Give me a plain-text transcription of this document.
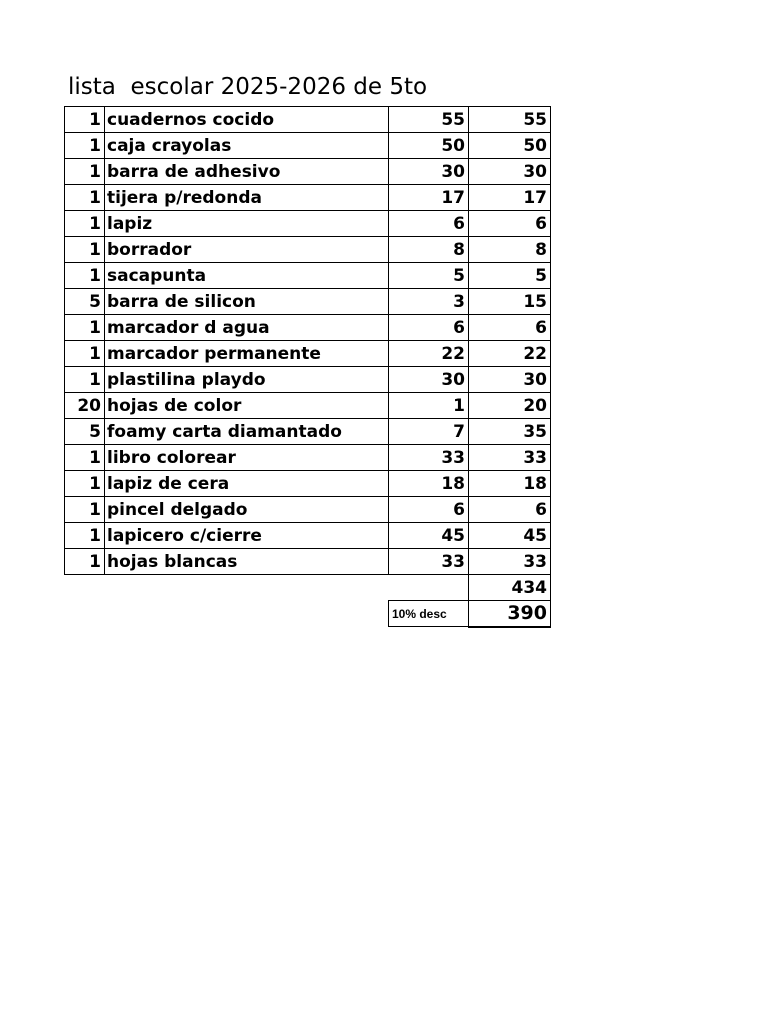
lista  escolar 2025-2026 de 5to
1	cuadernos cocido	55	55
1	caja crayolas	50	50
1	barra de adhesivo	30	30
1	tijera p/redonda	17	17
1	lapiz	6	6
1	borrador	8	8
1	sacapunta	5	5
5	barra de silicon	3	15
1	marcador d agua	6	6
1	marcador permanente	22	22
1	plastilina playdo	30	30
20	hojas de color	1	20
5	foamy carta diamantado	7	35
1	libro colorear	33	33
1	lapiz de cera	18	18
1	pincel delgado	6	6
1	lapicero c/cierre	45	45
1	hojas blancas	33	33
			434
		10% desc	390
